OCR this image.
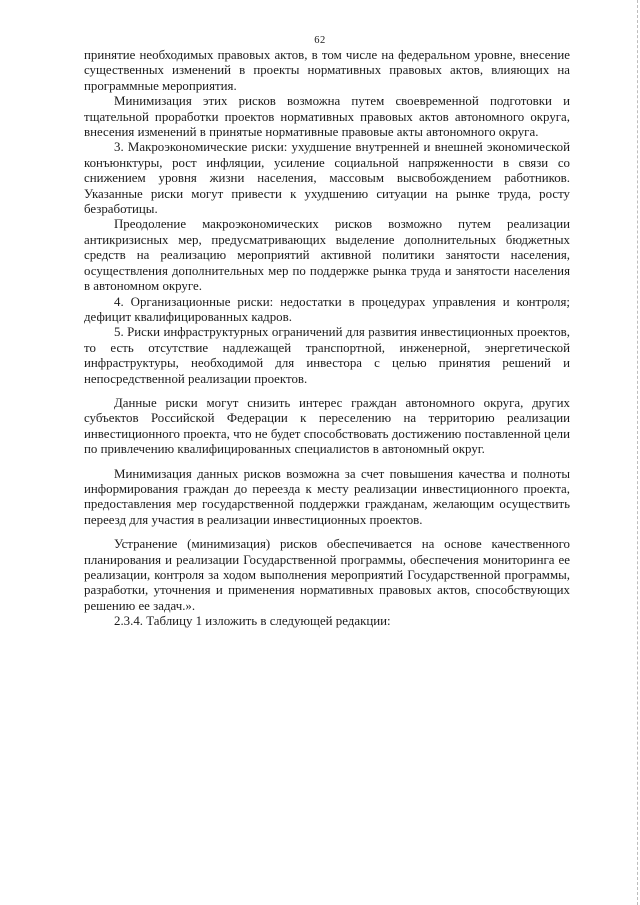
62

принятие необходимых правовых актов, в том числе на федеральном уровне, внесение существенных изменений в проекты нормативных правовых актов, влияющих на программные мероприятия.

Минимизация этих рисков возможна путем своевременной подготовки и тщательной проработки проектов нормативных правовых актов автономного округа, внесения изменений в принятые нормативные правовые акты автономного округа.

3. Макроэкономические риски: ухудшение внутренней и внешней экономической конъюнктуры, рост инфляции, усиление социальной напряженности в связи со снижением уровня жизни населения, массовым высвобождением работников. Указанные риски могут привести к ухудшению ситуации на рынке труда, росту безработицы.

Преодоление макроэкономических рисков возможно путем реализации антикризисных мер, предусматривающих выделение дополнительных бюджетных средств на реализацию мероприятий активной политики занятости населения, осуществления дополнительных мер по поддержке рынка труда и занятости населения в автономном округе.

4. Организационные риски: недостатки в процедурах управления и контроля; дефицит квалифицированных кадров.

5. Риски инфраструктурных ограничений для развития инвестиционных проектов, то есть отсутствие надлежащей транспортной, инженерной, энергетической инфраструктуры, необходимой для инвестора с целью принятия решений и непосредственной реализации проектов.

Данные риски могут снизить интерес граждан автономного округа, других субъектов Российской Федерации к переселению на территорию реализации инвестиционного проекта, что не будет способствовать достижению поставленной цели по привлечению квалифицированных специалистов в автономный округ.

Минимизация данных рисков возможна за счет повышения качества и полноты информирования граждан до переезда к месту реализации инвестиционного проекта, предоставления мер государственной поддержки гражданам, желающим осуществить переезд для участия в реализации инвестиционных проектов.

Устранение (минимизация) рисков обеспечивается на основе качественного планирования и реализации Государственной программы, обеспечения мониторинга ее реализации, контроля за ходом выполнения мероприятий Государственной программы, разработки, уточнения и применения нормативных правовых актов, способствующих решению ее задач.».

2.3.4. Таблицу 1 изложить в следующей редакции:
